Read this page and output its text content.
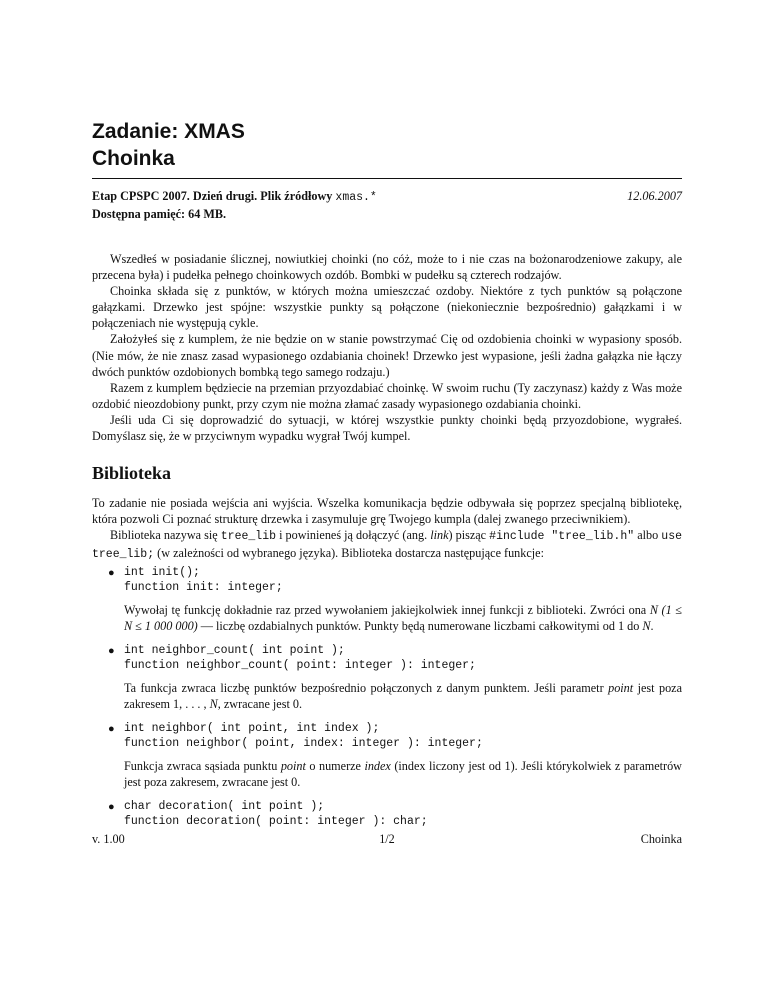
Zadanie: XMAS
Choinka
Etap CPSPC 2007. Dzień drugi. Plik źródłowy xmas.*	12.06.2007
Dostępna pamięć: 64 MB.

Wszedłeś w posiadanie ślicznej, nowiutkiej choinki (no cóż, może to i nie czas na bożonarodzeniowe zakupy, ale przecena była) i pudełka pełnego choinkowych ozdób. Bombki w pudełku są czterech rodzajów.

Choinka składa się z punktów, w których można umieszczać ozdoby. Niektóre z tych punktów są połączone gałązkami. Drzewko jest spójne: wszystkie punkty są połączone (niekoniecznie bezpośrednio) gałązkami i w połączeniach nie występują cykle.

Założyłeś się z kumplem, że nie będzie on w stanie powstrzymać Cię od ozdobienia choinki w wypasiony sposób. (Nie mów, że nie znasz zasad wypasionego ozdabiania choinek! Drzewko jest wypasione, jeśli żadna gałązka nie łączy dwóch punktów ozdobionych bombką tego samego rodzaju.)

Razem z kumplem będziecie na przemian przyozdabiać choinkę. W swoim ruchu (Ty zaczynasz) każdy z Was może ozdobić nieozdobiony punkt, przy czym nie można złamać zasady wypasionego ozdabiania choinki.

Jeśli uda Ci się doprowadzić do sytuacji, w której wszystkie punkty choinki będą przyozdobione, wygrałeś. Domyślasz się, że w przyciwnym wypadku wygrał Twój kumpel.

Biblioteka

To zadanie nie posiada wejścia ani wyjścia. Wszelka komunikacja będzie odbywała się poprzez specjalną bibliotekę, która pozwoli Ci poznać strukturę drzewka i zasymuluje grę Twojego kumpla (dalej zwanego przeciwnikiem).

Biblioteka nazywa się tree_lib i powinieneś ją dołączyć (ang. link) pisząc #include "tree_lib.h" albo use tree_lib; (w zależności od wybranego języka). Biblioteka dostarcza następujące funkcje:

● int init();
function init: integer;
Wywołaj tę funkcję dokładnie raz przed wywołaniem jakiejkolwiek innej funkcji z biblioteki. Zwróci ona N (1 ≤ N ≤ 1 000 000) — liczbę ozdabialnych punktów. Punkty będą numerowane liczbami całkowitymi od 1 do N.
● int neighbor_count( int point );
function neighbor_count( point: integer ): integer;
Ta funkcja zwraca liczbę punktów bezpośrednio połączonych z danym punktem. Jeśli parametr point jest poza zakresem 1, . . . , N, zwracane jest 0.
● int neighbor( int point, int index );
function neighbor( point, index: integer ): integer;
Funkcja zwraca sąsiada punktu point o numerze index (index liczony jest od 1). Jeśli którykolwiek z parametrów jest poza zakresem, zwracane jest 0.
● char decoration( int point );
function decoration( point: integer ): char;
v. 1.00	1/2	Choinka
